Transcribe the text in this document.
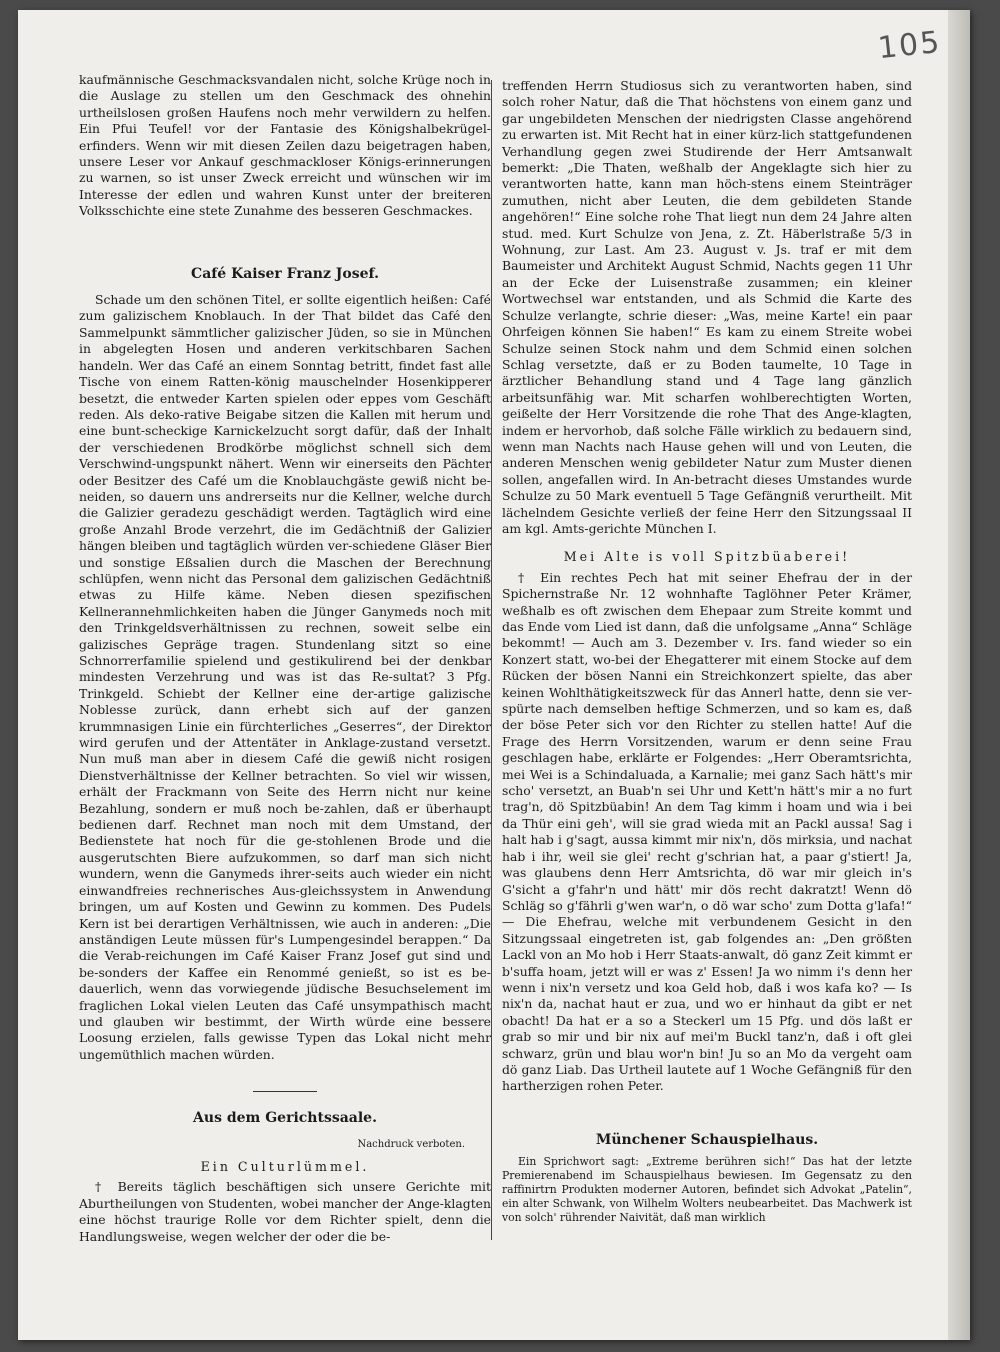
105

kaufmännische Geschmacksvandalen nicht, solche Krüge noch in die Auslage zu stellen um den Geschmack des ohnehin urtheilslosen großen Haufens noch mehr verwildern zu helfen. Ein Pfui Teufel! vor der Fantasie des Königshalbekrügel-erfinders. Wenn wir mit diesen Zeilen dazu beigetragen haben, unsere Leser vor Ankauf geschmackloser Königs-erinnerungen zu warnen, so ist unser Zweck erreicht und wünschen wir im Interesse der edlen und wahren Kunst unter der breiteren Volksschichte eine stete Zunahme des besseren Geschmackes.

Café Kaiser Franz Josef.

Schade um den schönen Titel, er sollte eigentlich heißen: Café zum galizischem Knoblauch. In der That bildet das Café den Sammelpunkt sämmtlicher galizischer Jüden, so sie in München in abgelegten Hosen und anderen verkitschbaren Sachen handeln. Wer das Café an einem Sonntag betritt, findet fast alle Tische von einem Ratten-könig mauschelnder Hosenkipperer besetzt, die entweder Karten spielen oder eppes vom Geschäft reden. Als deko-rative Beigabe sitzen die Kallen mit herum und eine bunt-scheckige Karnickelzucht sorgt dafür, daß der Inhalt der verschiedenen Brodkörbe möglichst schnell sich dem Verschwind-ungspunkt nähert. Wenn wir einerseits den Pächter oder Besitzer des Café um die Knoblauchgäste gewiß nicht be-neiden, so dauern uns andrerseits nur die Kellner, welche durch die Galizier geradezu geschädigt werden. Tagtäglich wird eine große Anzahl Brode verzehrt, die im Gedächtniß der Galizier hängen bleiben und tagtäglich würden ver-schiedene Gläser Bier und sonstige Eßsalien durch die Maschen der Berechnung schlüpfen, wenn nicht das Personal dem galizischen Gedächtniß etwas zu Hilfe käme. Neben diesen spezifischen Kellnerannehmlichkeiten haben die Jünger Ganymeds noch mit den Trinkgeldsverhältnissen zu rechnen, soweit selbe ein galizisches Gepräge tragen. Stundenlang sitzt so eine Schnorrerfamilie spielend und gestikulirend bei der denkbar mindesten Verzehrung und was ist das Re-sultat? 3 Pfg. Trinkgeld. Schiebt der Kellner eine der-artige galizische Noblesse zurück, dann erhebt sich auf der ganzen krummnasigen Linie ein fürchterliches „Geserres“, der Direktor wird gerufen und der Attentäter in Anklage-zustand versetzt. Nun muß man aber in diesem Café die gewiß nicht rosigen Dienstverhältnisse der Kellner betrachten. So viel wir wissen, erhält der Frackmann von Seite des Herrn nicht nur keine Bezahlung, sondern er muß noch be-zahlen, daß er überhaupt bedienen darf. Rechnet man noch mit dem Umstand, der Bedienstete hat noch für die ge-stohlenen Brode und die ausgerutschten Biere aufzukommen, so darf man sich nicht wundern, wenn die Ganymeds ihrer-seits auch wieder ein nicht einwandfreies rechnerisches Aus-gleichssystem in Anwendung bringen, um auf Kosten und Gewinn zu kommen. Des Pudels Kern ist bei derartigen Verhältnissen, wie auch in anderen: „Die anständigen Leute müssen für's Lumpengesindel berappen.“ Da die Verab-reichungen im Café Kaiser Franz Josef gut sind und be-sonders der Kaffee ein Renommé genießt, so ist es be-dauerlich, wenn das vorwiegende jüdische Besuchselement im fraglichen Lokal vielen Leuten das Café unsympathisch macht und glauben wir bestimmt, der Wirth würde eine bessere Loosung erzielen, falls gewisse Typen das Lokal nicht mehr ungemüthlich machen würden.

Aus dem Gerichtssaale.
Nachdruck verboten.
Ein Culturlümmel.

† Bereits täglich beschäftigen sich unsere Gerichte mit Aburtheilungen von Studenten, wobei mancher der Ange-klagten eine höchst traurige Rolle vor dem Richter spielt, denn die Handlungsweise, wegen welcher der oder die be-

treffenden Herrn Studiosus sich zu verantworten haben, sind solch roher Natur, daß die That höchstens von einem ganz und gar ungebildeten Menschen der niedrigsten Classe angehörend zu erwarten ist. Mit Recht hat in einer kürz-lich stattgefundenen Verhandlung gegen zwei Studirende der Herr Amtsanwalt bemerkt: „Die Thaten, weßhalb der Angeklagte sich hier zu verantworten hatte, kann man höch-stens einem Steinträger zumuthen, nicht aber Leuten, die dem gebildeten Stande angehören!“ Eine solche rohe That liegt nun dem 24 Jahre alten stud. med. Kurt Schulze von Jena, z. Zt. Häberlstraße 5/3 in Wohnung, zur Last. Am 23. August v. Js. traf er mit dem Baumeister und Architekt August Schmid, Nachts gegen 11 Uhr an der Ecke der Luisenstraße zusammen; ein kleiner Wortwechsel war entstanden, und als Schmid die Karte des Schulze verlangte, schrie dieser: „Was, meine Karte! ein paar Ohrfeigen können Sie haben!“ Es kam zu einem Streite wobei Schulze seinen Stock nahm und dem Schmid einen solchen Schlag versetzte, daß er zu Boden taumelte, 10 Tage in ärztlicher Behandlung stand und 4 Tage lang gänzlich arbeitsunfähig war. Mit scharfen wohlberechtigten Worten, geißelte der Herr Vorsitzende die rohe That des Ange-klagten, indem er hervorhob, daß solche Fälle wirklich zu bedauern sind, wenn man Nachts nach Hause gehen will und von Leuten, die anderen Menschen wenig gebildeter Natur zum Muster dienen sollen, angefallen wird. In An-betracht dieses Umstandes wurde Schulze zu 50 Mark eventuell 5 Tage Gefängniß verurtheilt. Mit lächelndem Gesichte verließ der feine Herr den Sitzungssaal II am kgl. Amts-gerichte München I.

Mei Alte is voll Spitzbüaberei!

† Ein rechtes Pech hat mit seiner Ehefrau der in der Spichernstraße Nr. 12 wohnhafte Taglöhner Peter Krämer, weßhalb es oft zwischen dem Ehepaar zum Streite kommt und das Ende vom Lied ist dann, daß die unfolgsame „Anna“ Schläge bekommt! — Auch am 3. Dezember v. Irs. fand wieder so ein Konzert statt, wo-bei der Ehegatterer mit einem Stocke auf dem Rücken der bösen Nanni ein Streichkonzert spielte, das aber keinen Wohlthätigkeitszweck für das Annerl hatte, denn sie ver-spürte nach demselben heftige Schmerzen, und so kam es, daß der böse Peter sich vor den Richter zu stellen hatte! Auf die Frage des Herrn Vorsitzenden, warum er denn seine Frau geschlagen habe, erklärte er Folgendes: „Herr Oberamtsrichta, mei Wei is a Schindaluada, a Karnalie; mei ganz Sach hätt's mir scho' versetzt, an Buab'n sei Uhr und Kett'n hätt's mir a no furt trag'n, dö Spitzbüabin! An dem Tag kimm i hoam und wia i bei da Thür eini geh', will sie grad wieda mit an Packl aussa! Sag i halt hab i g'sagt, aussa kimmt mir nix'n, dös mirksia, und nachat hab i ihr, weil sie glei' recht g'schrian hat, a paar g'stiert! Ja, was glaubens denn Herr Amtsrichta, dö war mir gleich in's G'sicht a g'fahr'n und hätt' mir dös recht dakratzt! Wenn dö Schläg so g'fährli g'wen war'n, o dö war scho' zum Dotta g'lafa!“ — Die Ehefrau, welche mit verbundenem Gesicht in den Sitzungssaal eingetreten ist, gab folgendes an: „Den größten Lackl von an Mo hob i Herr Staats-anwalt, dö ganz Zeit kimmt er b'suffa hoam, jetzt will er was z' Essen! Ja wo nimm i's denn her wenn i nix'n versetz und koa Geld hob, daß i wos kafa ko? — Is nix'n da, nachat haut er zua, und wo er hinhaut da gibt er net obacht! Da hat er a so a Steckerl um 15 Pfg. und dös laßt er grab so mir und bir nix auf mei'm Buckl tanz'n, daß i oft glei schwarz, grün und blau wor'n bin! Ju so an Mo da vergeht oam dö ganz Liab. Das Urtheil lautete auf 1 Woche Gefängniß für den hartherzigen rohen Peter.

Münchener Schauspielhaus.

Ein Sprichwort sagt: „Extreme berühren sich!“ Das hat der letzte Premierenabend im Schauspielhaus bewiesen. Im Gegensatz zu den raffinirtrn Produkten moderner Autoren, befindet sich Advokat „Patelin“, ein alter Schwank, von Wilhelm Wolters neubearbeitet. Das Machwerk ist von solch' rührender Naivität, daß man wirklich
